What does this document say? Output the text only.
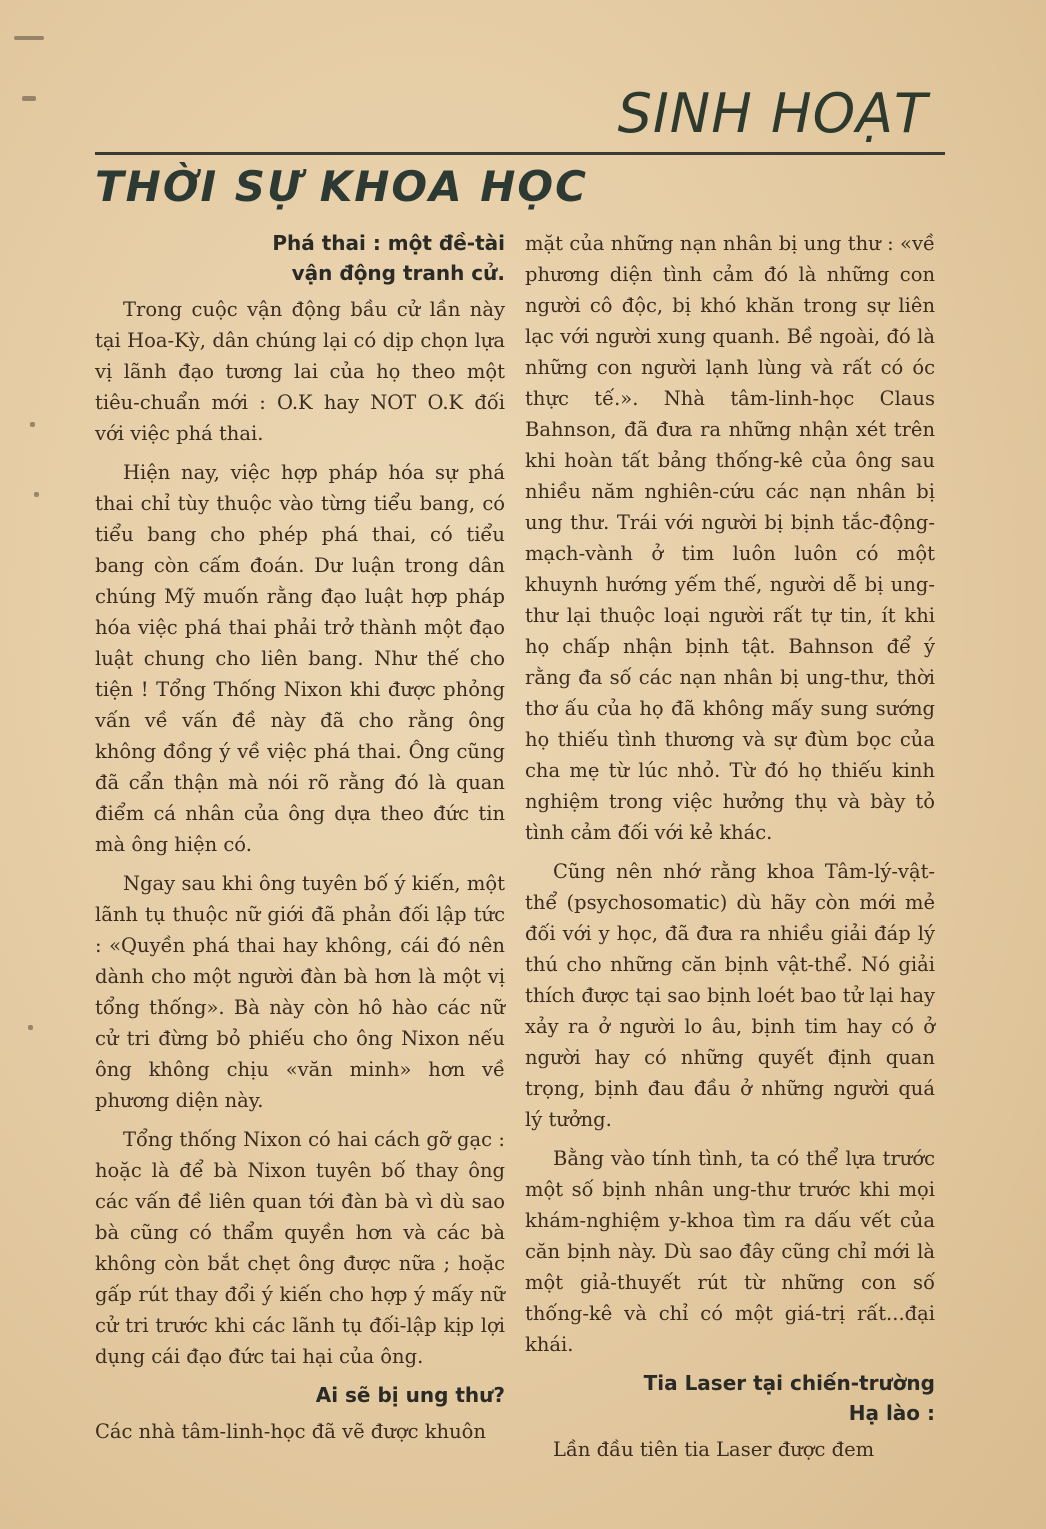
SINH HOẠT
THỜI SỰ KHOA HỌC
Phá thai : một đề-tài
vận động tranh cử.

Trong cuộc vận động bầu cử lần này tại Hoa-Kỳ, dân chúng lại có dịp chọn lựa vị lãnh đạo tương lai của họ theo một tiêu-chuẩn mới : O.K hay NOT O.K đối với việc phá thai.

Hiện nay, việc hợp pháp hóa sự phá thai chỉ tùy thuộc vào từng tiểu bang, có tiểu bang cho phép phá thai, có tiểu bang còn cấm đoán. Dư luận trong dân chúng Mỹ muốn rằng đạo luật hợp pháp hóa việc phá thai phải trở thành một đạo luật chung cho liên bang. Như thế cho tiện ! Tổng Thống Nixon khi được phỏng vấn về vấn đề này đã cho rằng ông không đồng ý về việc phá thai. Ông cũng đã cẩn thận mà nói rõ rằng đó là quan điểm cá nhân của ông dựa theo đức tin mà ông hiện có.

Ngay sau khi ông tuyên bố ý kiến, một lãnh tụ thuộc nữ giới đã phản đối lập tức : «Quyền phá thai hay không, cái đó nên dành cho một người đàn bà hơn là một vị tổng thống». Bà này còn hô hào các nữ cử tri đừng bỏ phiếu cho ông Nixon nếu ông không chịu «văn minh» hơn về phương diện này.

Tổng thống Nixon có hai cách gỡ gạc : hoặc là để bà Nixon tuyên bố thay ông các vấn đề liên quan tới đàn bà vì dù sao bà cũng có thẩm quyền hơn và các bà không còn bắt chẹt ông được nữa ; hoặc gấp rút thay đổi ý kiến cho hợp ý mấy nữ cử tri trước khi các lãnh tụ đối-lập kịp lợi dụng cái đạo đức tai hại của ông.

Ai sẽ bị ung thư?

Các nhà tâm-linh-học đã vẽ được khuôn

mặt của những nạn nhân bị ung thư : «về phương diện tình cảm đó là những con người cô độc, bị khó khăn trong sự liên lạc với người xung quanh. Bề ngoài, đó là những con người lạnh lùng và rất có óc thực tế.». Nhà tâm-linh-học Claus Bahnson, đã đưa ra những nhận xét trên khi hoàn tất bảng thống-kê của ông sau nhiều năm nghiên-cứu các nạn nhân bị ung thư. Trái với người bị bịnh tắc-động-mạch-vành ở tim luôn luôn có một khuynh hướng yếm thế, người dễ bị ung-thư lại thuộc loại người rất tự tin, ít khi họ chấp nhận bịnh tật. Bahnson để ý rằng đa số các nạn nhân bị ung-thư, thời thơ ấu của họ đã không mấy sung sướng họ thiếu tình thương và sự đùm bọc của cha mẹ từ lúc nhỏ. Từ đó họ thiếu kinh nghiệm trong việc hưởng thụ và bày tỏ tình cảm đối với kẻ khác.

Cũng nên nhớ rằng khoa Tâm-lý-vật-thể (psychosomatic) dù hãy còn mới mẻ đối với y học, đã đưa ra nhiều giải đáp lý thú cho những căn bịnh vật-thể. Nó giải thích được tại sao bịnh loét bao tử lại hay xảy ra ở người lo âu, bịnh tim hay có ở người hay có những quyết định quan trọng, bịnh đau đầu ở những người quá lý tưởng.

Bằng vào tính tình, ta có thể lựa trước một số bịnh nhân ung-thư trước khi mọi khám-nghiệm y-khoa tìm ra dấu vết của căn bịnh này. Dù sao đây cũng chỉ mới là một giả-thuyết rút từ những con số thống-kê và chỉ có một giá-trị rất...đại khái.

Tia Laser tại chiến-trường
Hạ lào :

Lần đầu tiên tia Laser được đem
